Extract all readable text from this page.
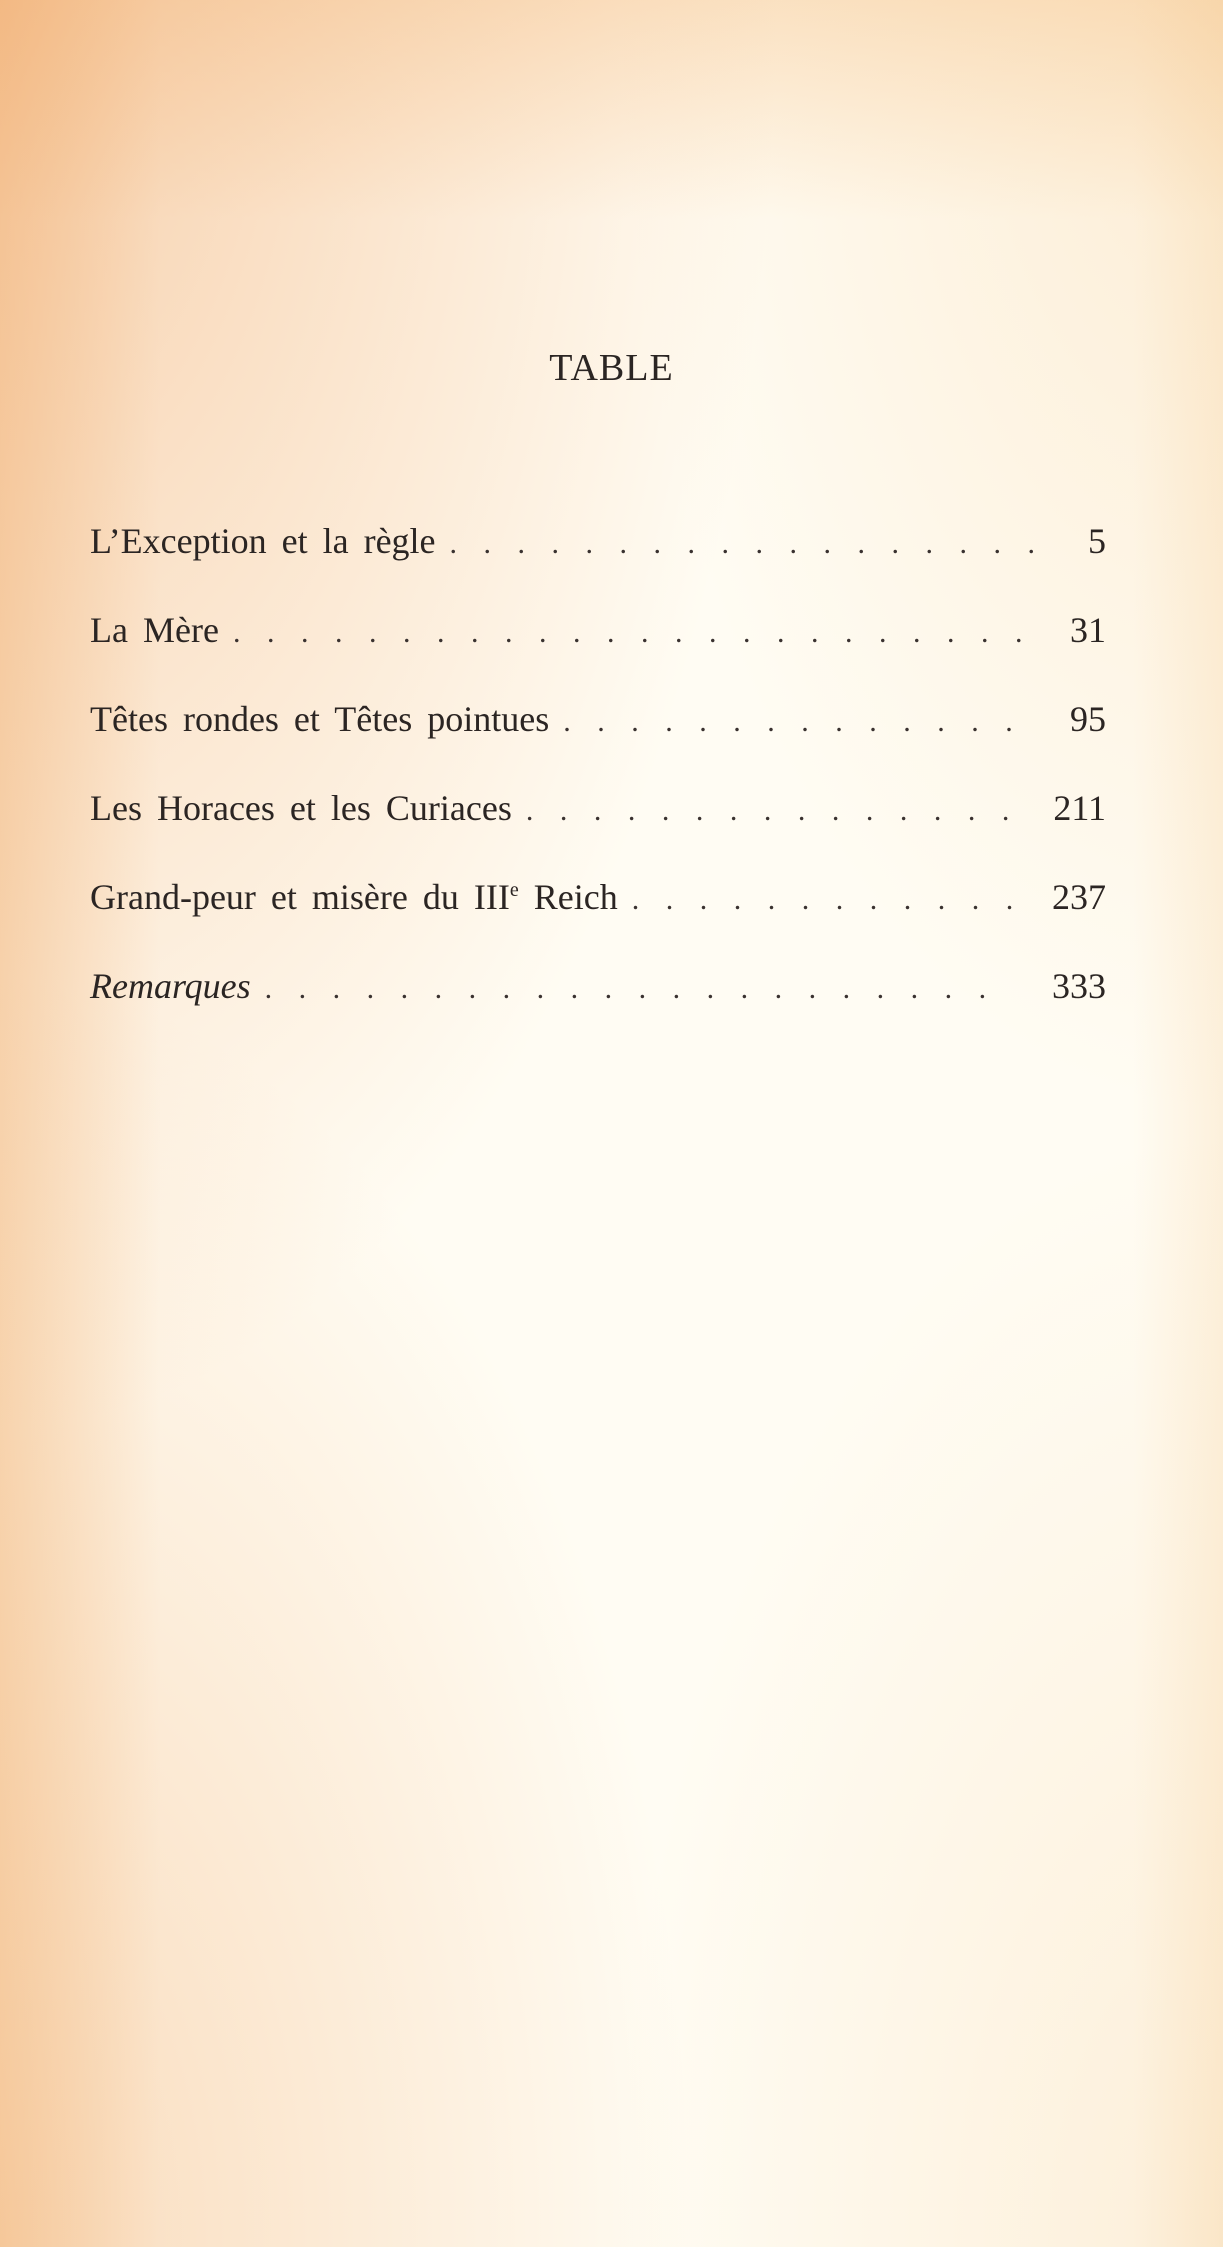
TABLE
L’Exception et la règle . . .	5
La Mère . . .	31
Têtes rondes et Têtes pointues . . .	95
Les Horaces et les Curiaces . . .	211
Grand-peur et misère du IIIe Reich . . .	237
Remarques . . .	333
